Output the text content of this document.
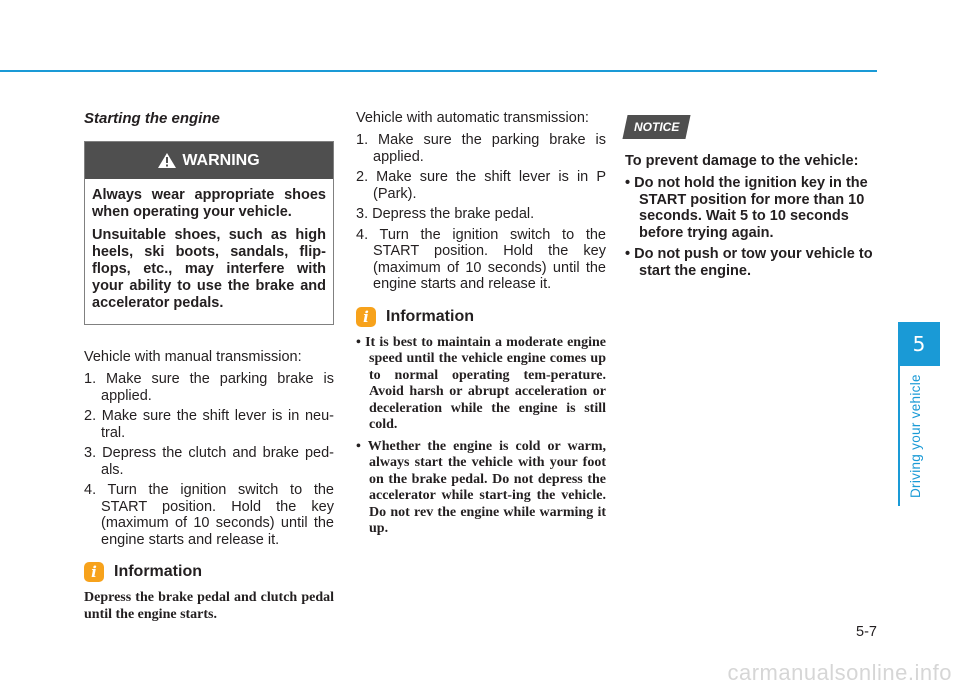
Starting the engine
WARNING

Always wear appropriate shoes when operating your vehicle.

Unsuitable shoes, such as high heels, ski boots, sandals, flip-flops, etc., may interfere with your ability to use the brake and accelerator pedals.

Vehicle with manual transmission:

1. Make sure the parking brake is applied.
2. Make sure the shift lever is in neu-tral.
3. Depress the clutch and brake ped-als.
4. Turn the ignition switch to the START position. Hold the key (maximum of 10 seconds) until the engine starts and release it.
i	Information

Depress the brake pedal and clutch pedal until the engine starts.

Vehicle with automatic transmission:

1. Make sure the parking brake is applied.
2. Make sure the shift lever is in P (Park).
3. Depress the brake pedal.
4. Turn the ignition switch to the START position. Hold the key (maximum of 10 seconds) until the engine starts and release it.
i	Information
• It is best to maintain a moderate engine speed until the vehicle engine comes up to normal operating tem-perature. Avoid harsh or abrupt acceleration or deceleration while the engine is still cold.
• Whether the engine is cold or warm, always start the vehicle with your foot on the brake pedal. Do not depress the accelerator while start-ing the vehicle. Do not rev the engine while warming it up.
NOTICE
To prevent damage to the vehicle:
• Do not hold the ignition key in the START position for more than 10 seconds. Wait 5 to 10 seconds before trying again.
• Do not push or tow your vehicle to start the engine.
5
Driving your vehicle
5-7
carmanualsonline.info
